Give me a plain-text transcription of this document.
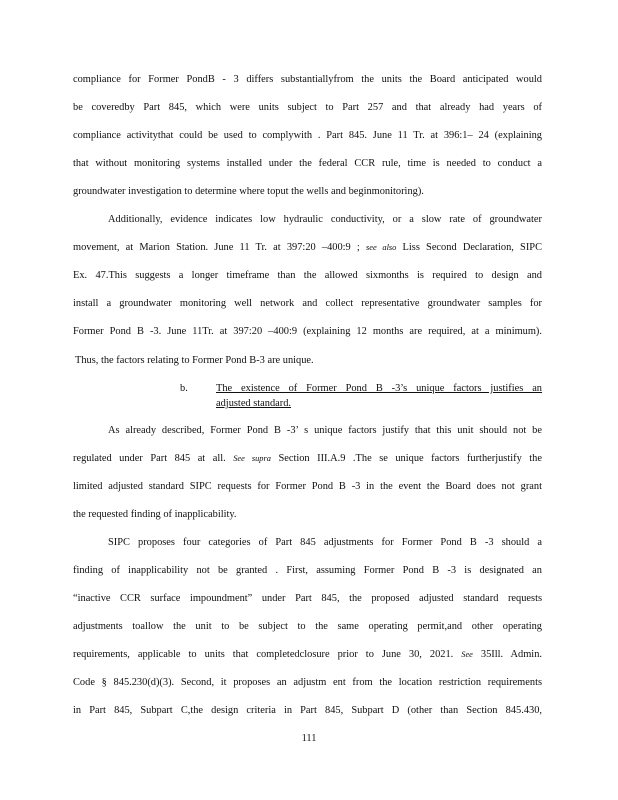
compliance for Former PondB - 3 differs substantiallyfrom the units the Board anticipated would
be coveredby Part 845, which were units subject to Part 257 and that already had years of
compliance activitythat could be used to complywith . Part 845. June 11 Tr. at 396:1– 24 (explaining
that without monitoring systems installed under the federal CCR rule, time is needed to conduct a
groundwater investigation to determine where toput the wells and beginmonitoring).
Additionally, evidence indicates low hydraulic conductivity, or a slow rate of groundwater
movement, at Marion Station. June 11 Tr. at 397:20 –400:9 ; see also Liss Second Declaration, SIPC
Ex. 47.This suggests a longer timeframe than the allowed sixmonths is required to design and
install a groundwater monitoring well network and collect representative groundwater samples for
Former Pond B -3. June 11Tr. at 397:20 –400:9 (explaining 12 months are required, at a minimum).
Thus, the factors relating to Former Pond B-3 are unique.
b.	The existence of Former Pond B -3’s unique factors justifies an
adjusted standard.
As already described, Former Pond B -3’ s unique factors justify that this unit should not be
regulated under Part 845 at all. See supra Section III.A.9 .The se unique factors furtherjustify the
limited adjusted standard SIPC requests for Former Pond B -3 in the event the Board does not grant
the requested finding of inapplicability.
SIPC proposes four categories of Part 845 adjustments for Former Pond B -3 should a
finding of inapplicability not be granted . First, assuming Former Pond B -3 is designated an
“inactive CCR surface impoundment” under Part 845, the proposed adjusted standard requests
adjustments toallow the unit to be subject to the same operating permit,and other operating
requirements, applicable to units that completedclosure prior to June 30, 2021. See 35Ill. Admin.
Code § 845.230(d)(3). Second, it proposes an adjustm ent from the location restriction requirements
in Part 845, Subpart C,the design criteria in Part 845, Subpart D (other than Section 845.430,
111
